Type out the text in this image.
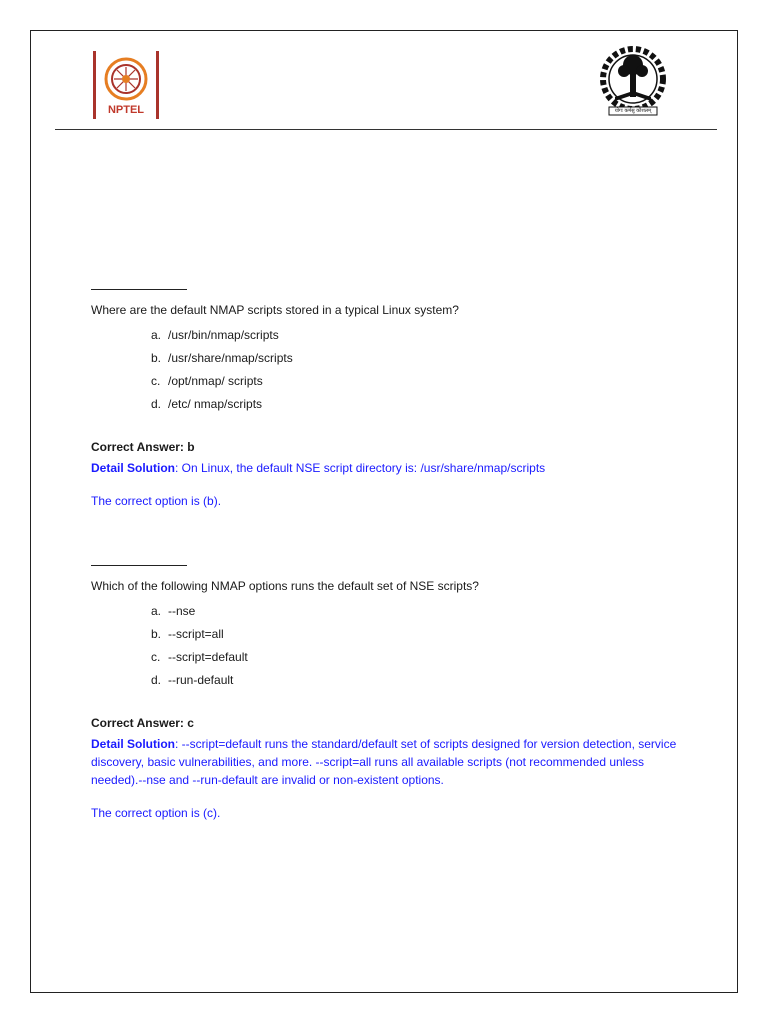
NPTEL	योगः कर्मसु कौशलम्

Where are the default NMAP scripts stored in a typical Linux system?

a. /usr/bin/nmap/scripts
b. /usr/share/nmap/scripts
c. /opt/nmap/ scripts
d. /etc/ nmap/scripts
Correct Answer: b
Detail Solution: On Linux, the default NSE script directory is: /usr/share/nmap/scripts
The correct option is (b).

Which of the following NMAP options runs the default set of NSE scripts?

a. --nse
b. --script=all
c. --script=default
d. --run-default
Correct Answer: c
Detail Solution: --script=default runs the standard/default set of scripts designed for version detection, service discovery, basic vulnerabilities, and more. --script=all runs all available scripts (not recommended unless needed).--nse and --run-default are invalid or non-existent options.
The correct option is (c).
